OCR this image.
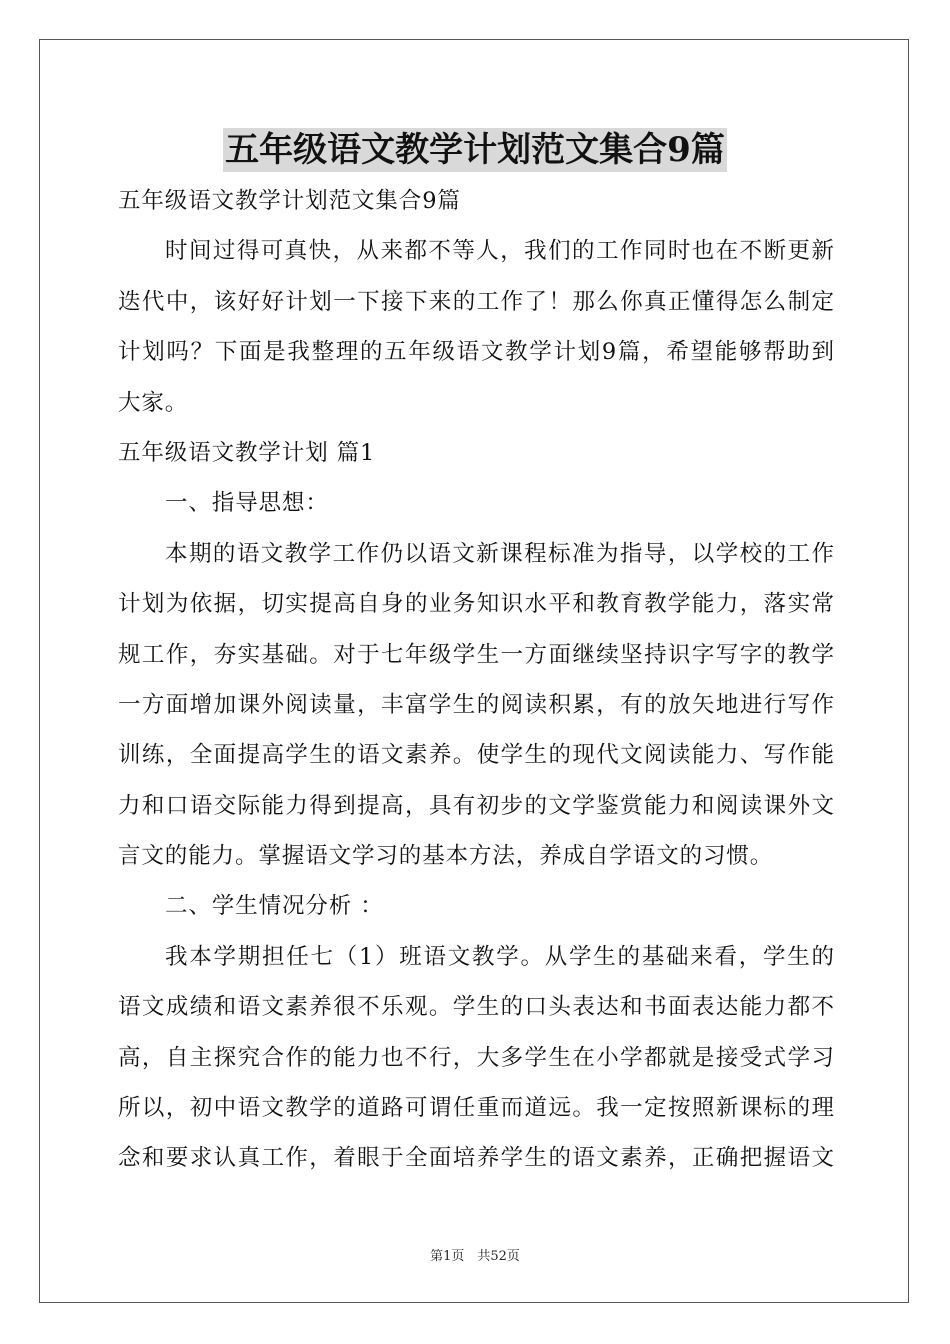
五年级语文教学计划范文集合9篇
五年级语文教学计划范文集合9篇
时间过得可真快，从来都不等人，我们的工作同时也在不断更新
迭代中，该好好计划一下接下来的工作了！那么你真正懂得怎么制定
计划吗？下面是我整理的五年级语文教学计划9篇，希望能够帮助到
大家。
五年级语文教学计划 篇1
一、指导思想：
本期的语文教学工作仍以语文新课程标准为指导，以学校的工作
计划为依据，切实提高自身的业务知识水平和教育教学能力，落实常
规工作，夯实基础。对于七年级学生一方面继续坚持识字写字的教学
一方面增加课外阅读量，丰富学生的阅读积累，有的放矢地进行写作
训练，全面提高学生的语文素养。使学生的现代文阅读能力、写作能
力和口语交际能力得到提高，具有初步的文学鉴赏能力和阅读课外文
言文的能力。掌握语文学习的基本方法，养成自学语文的习惯。
二、学生情况分析 ：
我本学期担任七（1）班语文教学。从学生的基础来看，学生的
语文成绩和语文素养很不乐观。学生的口头表达和书面表达能力都不
高，自主探究合作的能力也不行，大多学生在小学都就是接受式学习
所以，初中语文教学的道路可谓任重而道远。我一定按照新课标的理
念和要求认真工作，着眼于全面培养学生的语文素养，正确把握语文
第1页　共52页
